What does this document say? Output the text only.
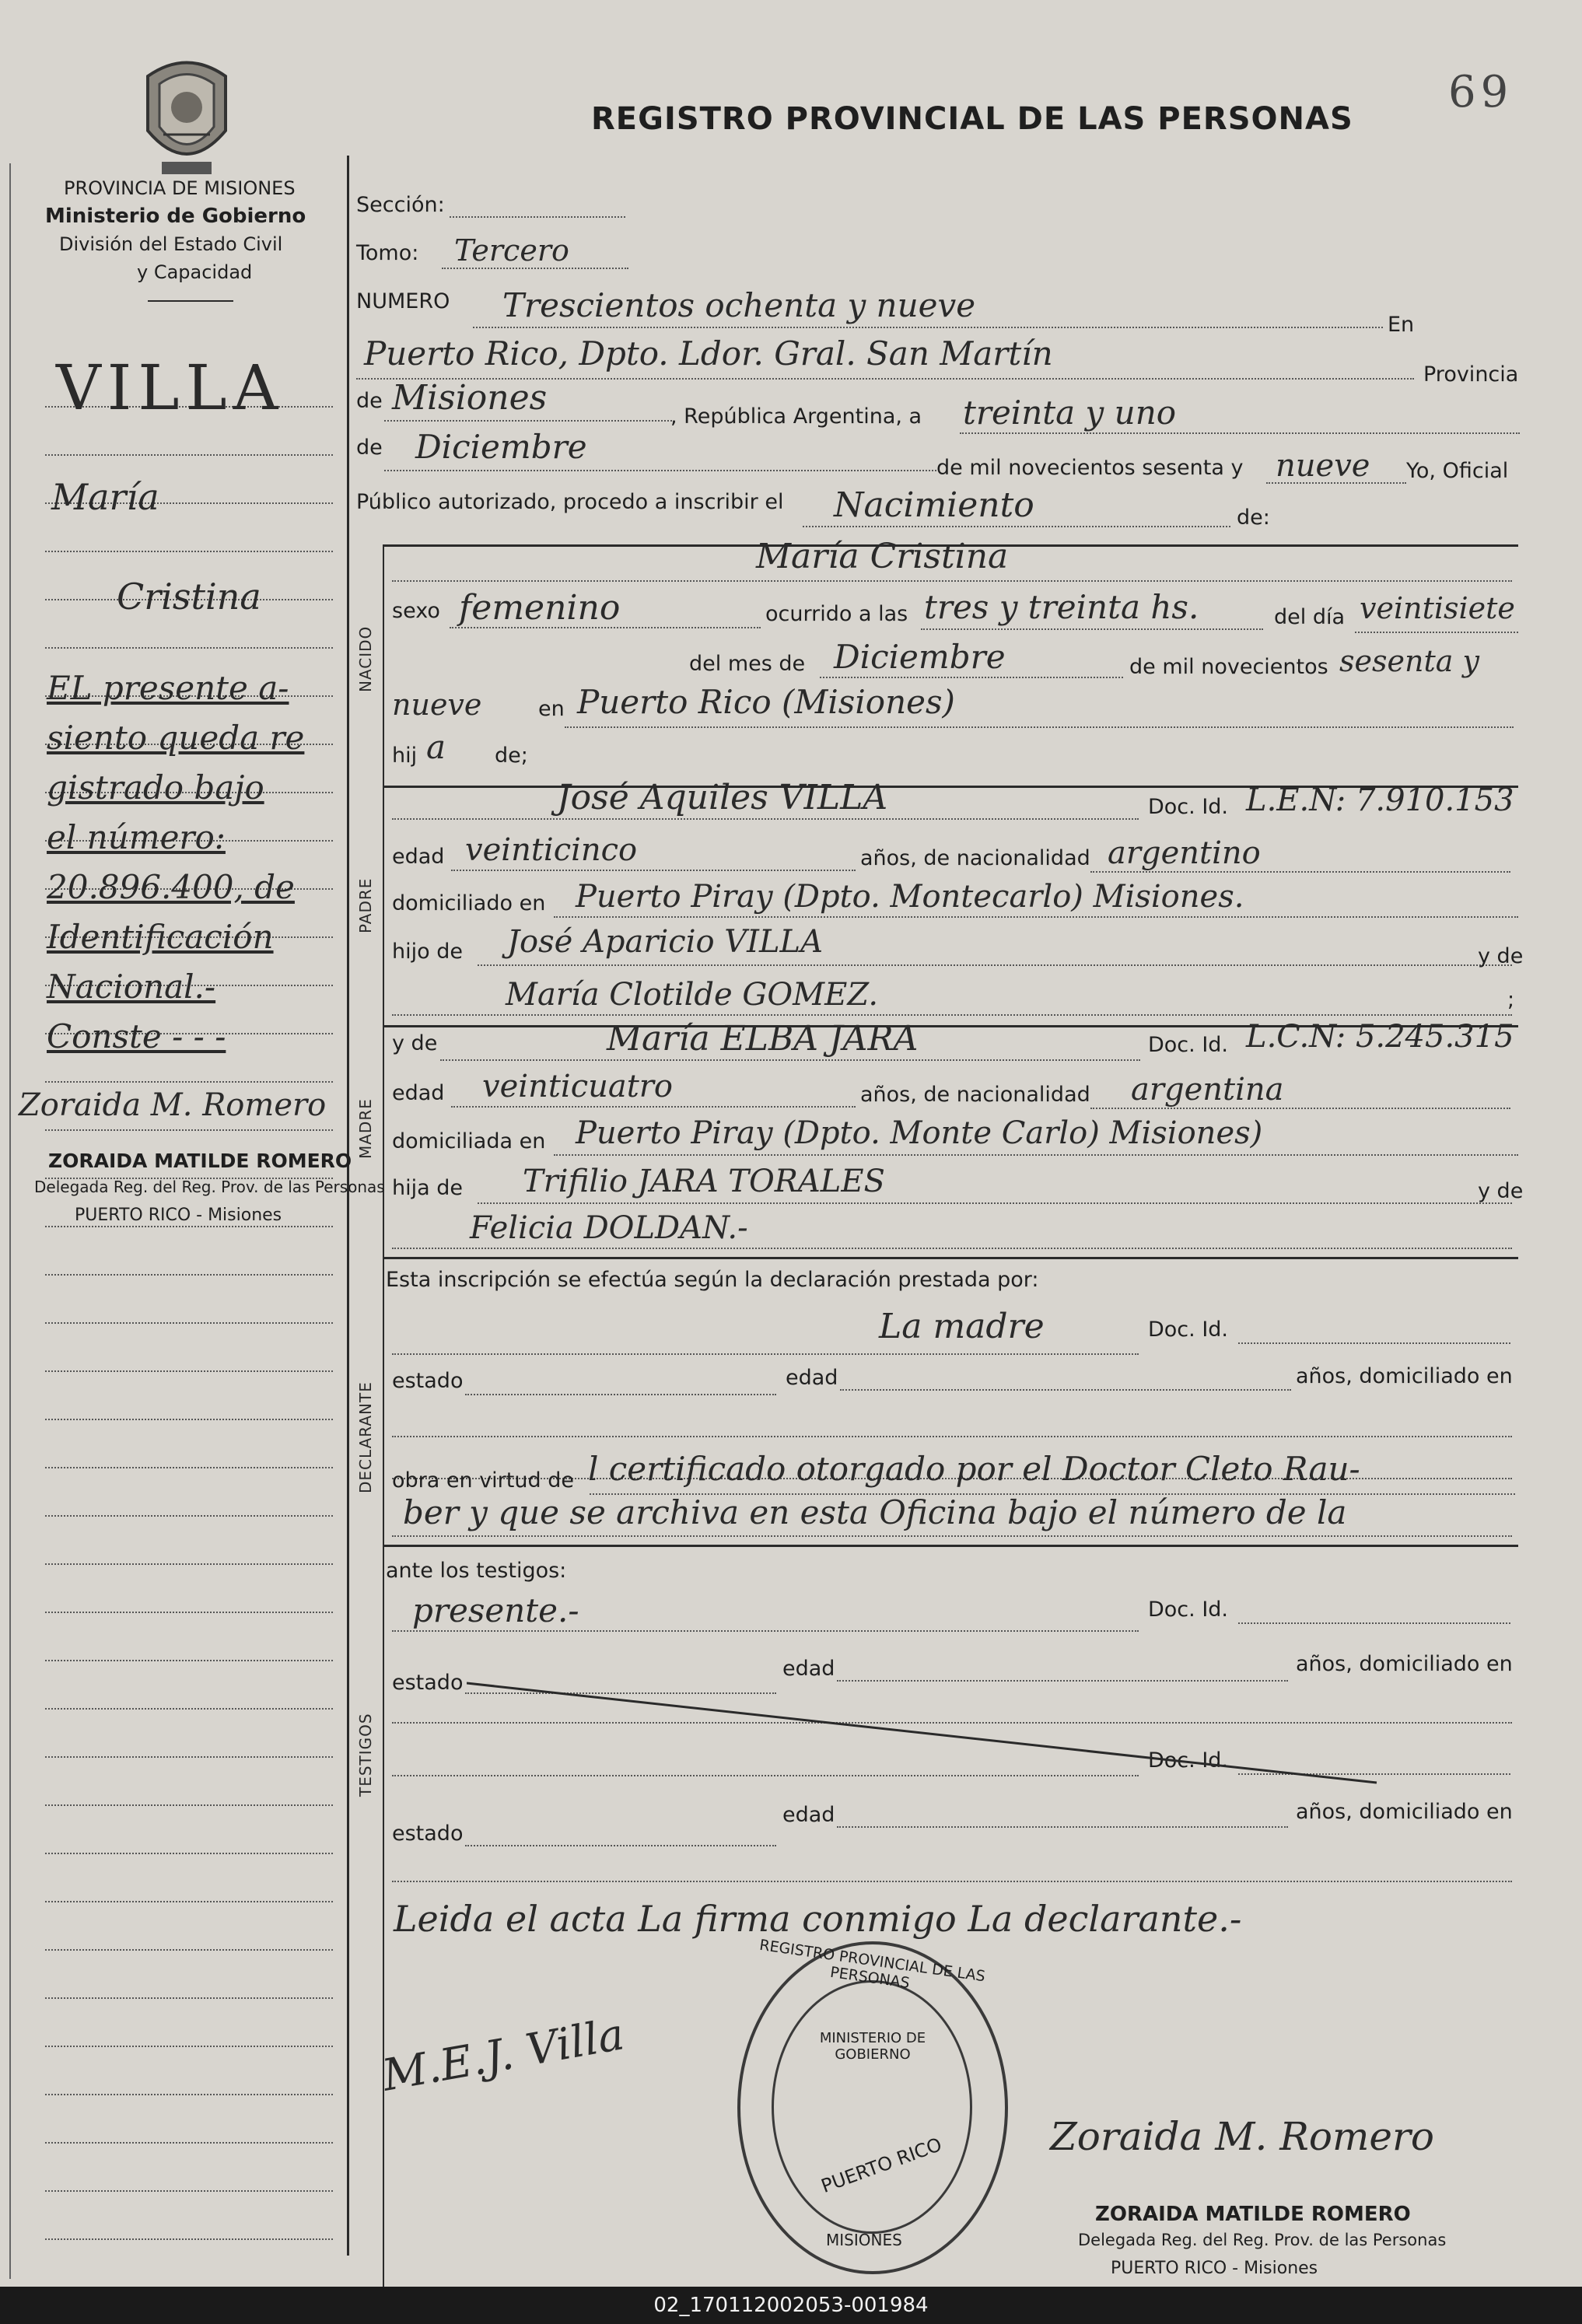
69
REGISTRO PROVINCIAL DE LAS PERSONAS
PROVINCIA DE MISIONES
Ministerio de Gobierno
División del Estado Civil
y Capacidad
VILLA
María
Cristina
EL presente a-
siento queda re
gistrado bajo
el número:
20.896.400, de
Identificación
Nacional.-
Conste - - -
Zoraida M. Romero
ZORAIDA MATILDE ROMERO
Delegada Reg. del Reg. Prov. de las Personas
PUERTO RICO - Misiones
NACIDO
PADRE
MADRE
DECLARANTE
TESTIGOS
Sección:
Tomo: Tercero
NUMERO Trescientos ochenta y nueve
En
Puerto Rico, Dpto. Ldor. Gral. San Martín
Provincia
de Misiones	, República Argentina, a treinta y uno
de Diciembre
de mil novecientos sesenta y nueve Yo, Oficial
Público autorizado, procedo a inscribir el Nacimiento	de:
María Cristina
sexo femenino	ocurrido a las tres y treinta hs.	del día veintisiete
del mes de Diciembre	de mil novecientos sesenta y
nueve	en Puerto Rico (Misiones)
hij a de;
José Aquiles VILLA	Doc. Id. L.E.N: 7.910.153
edad veinticinco	años, de nacionalidad argentino
domiciliado en Puerto Piray (Dpto. Montecarlo) Misiones.
hijo de José Aparicio VILLA	y de
María Clotilde GOMEZ.	;
y de	María ELBA JARA	Doc. Id. L.C.N: 5.245.315
edad veinticuatro	años, de nacionalidad argentina
domiciliada en Puerto Piray (Dpto. Monte Carlo) Misiones)
hija de Trifilio JARA TORALES	y de
Felicia DOLDAN.-
Esta inscripción se efectúa según la declaración prestada por:
La madre	Doc. Id.
estado	edad	años, domiciliado en
obra en virtud de l certificado otorgado por el Doctor Cleto Rau-
ber y que se archiva en esta Oficina bajo el número de la
ante los testigos:
presente.-	Doc. Id.
estado
edad	años, domiciliado en
Doc. Id.
estado
edad	años, domiciliado en
Leida el acta La firma conmigo La declarante.-
M.E.J. Villa
Zoraida M. Romero
REGISTRO PROVINCIAL DE LAS PERSONAS
MINISTERIO DE GOBIERNO
PUERTO RICO
MISIONES
ZORAIDA MATILDE ROMERO
Delegada Reg. del Reg. Prov. de las Personas
PUERTO RICO - Misiones
02_170112002053-001984
